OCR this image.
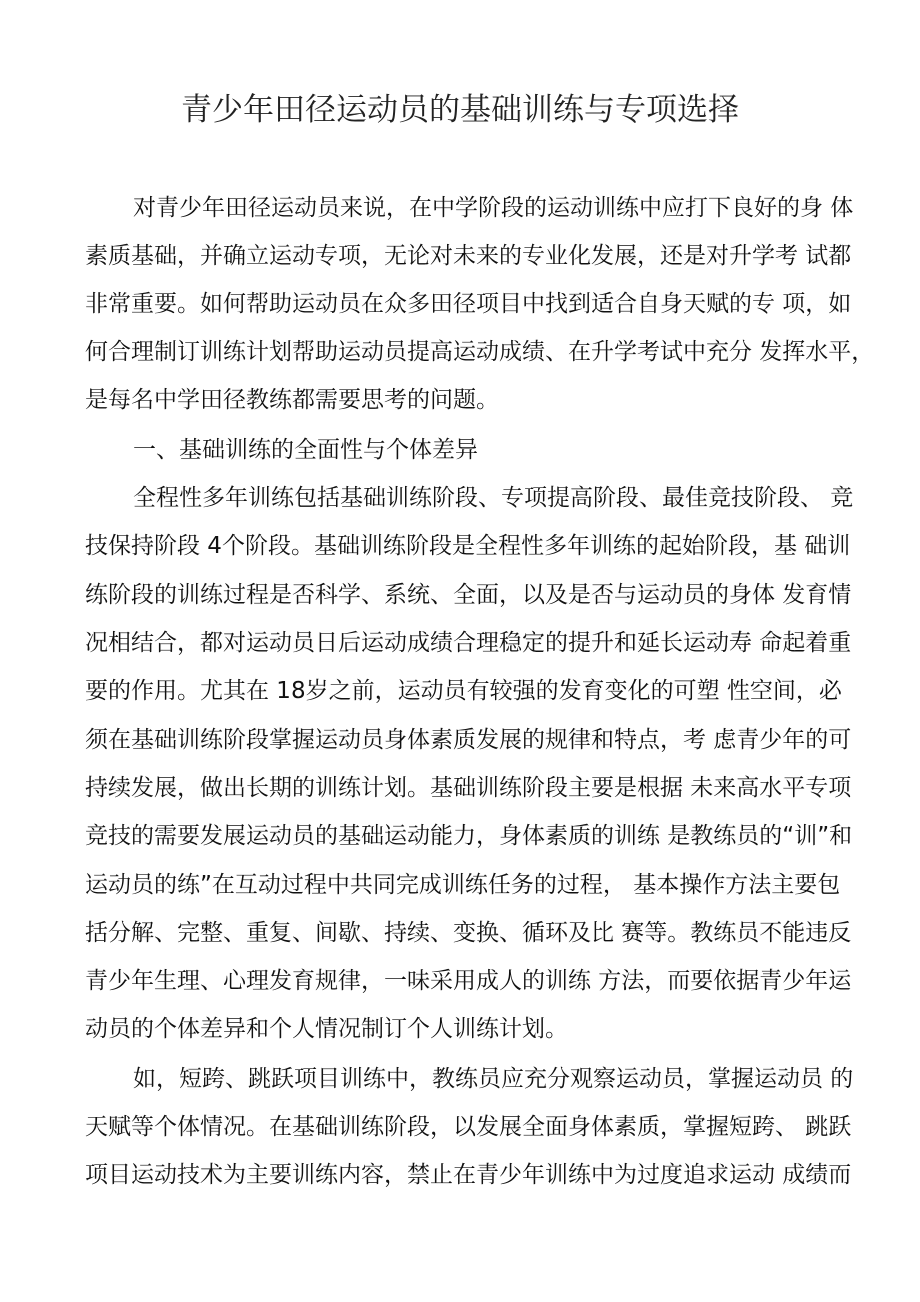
青少年田径运动员的基础训练与专项选择
对青少年田径运动员来说，在中学阶段的运动训练中应打下良好的身 体
素质基础，并确立运动专项，无论对未来的专业化发展，还是对升学考 试都
非常重要。如何帮助运动员在众多田径项目中找到适合自身天赋的专 项，如
何合理制订训练计划帮助运动员提高运动成绩、在升学考试中充分 发挥水平，
是每名中学田径教练都需要思考的问题。
一、基础训练的全面性与个体差异
全程性多年训练包括基础训练阶段、专项提高阶段、最佳竞技阶段、 竞
技保持阶段 4个阶段。基础训练阶段是全程性多年训练的起始阶段，基 础训
练阶段的训练过程是否科学、系统、全面，以及是否与运动员的身体 发育情
况相结合，都对运动员日后运动成绩合理稳定的提升和延长运动寿 命起着重
要的作用。尤其在 18岁之前，运动员有较强的发育变化的可塑 性空间，必
须在基础训练阶段掌握运动员身体素质发展的规律和特点，考 虑青少年的可
持续发展，做出长期的训练计划。基础训练阶段主要是根据 未来高水平专项
竞技的需要发展运动员的基础运动能力，身体素质的训练 是教练员的“训”和
运动员的练”在互动过程中共同完成训练任务的过程， 基本操作方法主要包
括分解、完整、重复、间歇、持续、变换、循环及比 赛等。教练员不能违反
青少年生理、心理发育规律，一味采用成人的训练 方法，而要依据青少年运
动员的个体差异和个人情况制订个人训练计划。
如，短跨、跳跃项目训练中，教练员应充分观察运动员，掌握运动员 的
天赋等个体情况。在基础训练阶段，以发展全面身体素质，掌握短跨、 跳跃
项目运动技术为主要训练内容，禁止在青少年训练中为过度追求运动 成绩而
